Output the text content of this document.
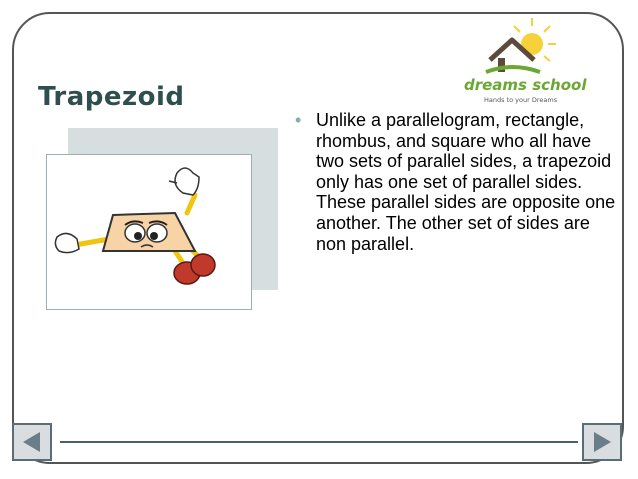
dreams school
Hands to your Dreams
Trapezoid
• Unlike a parallelogram, rectangle, rhombus, and square who all have two sets of parallel sides, a trapezoid only has one set of parallel sides. These parallel sides are opposite one another. The other set of sides are non parallel.
